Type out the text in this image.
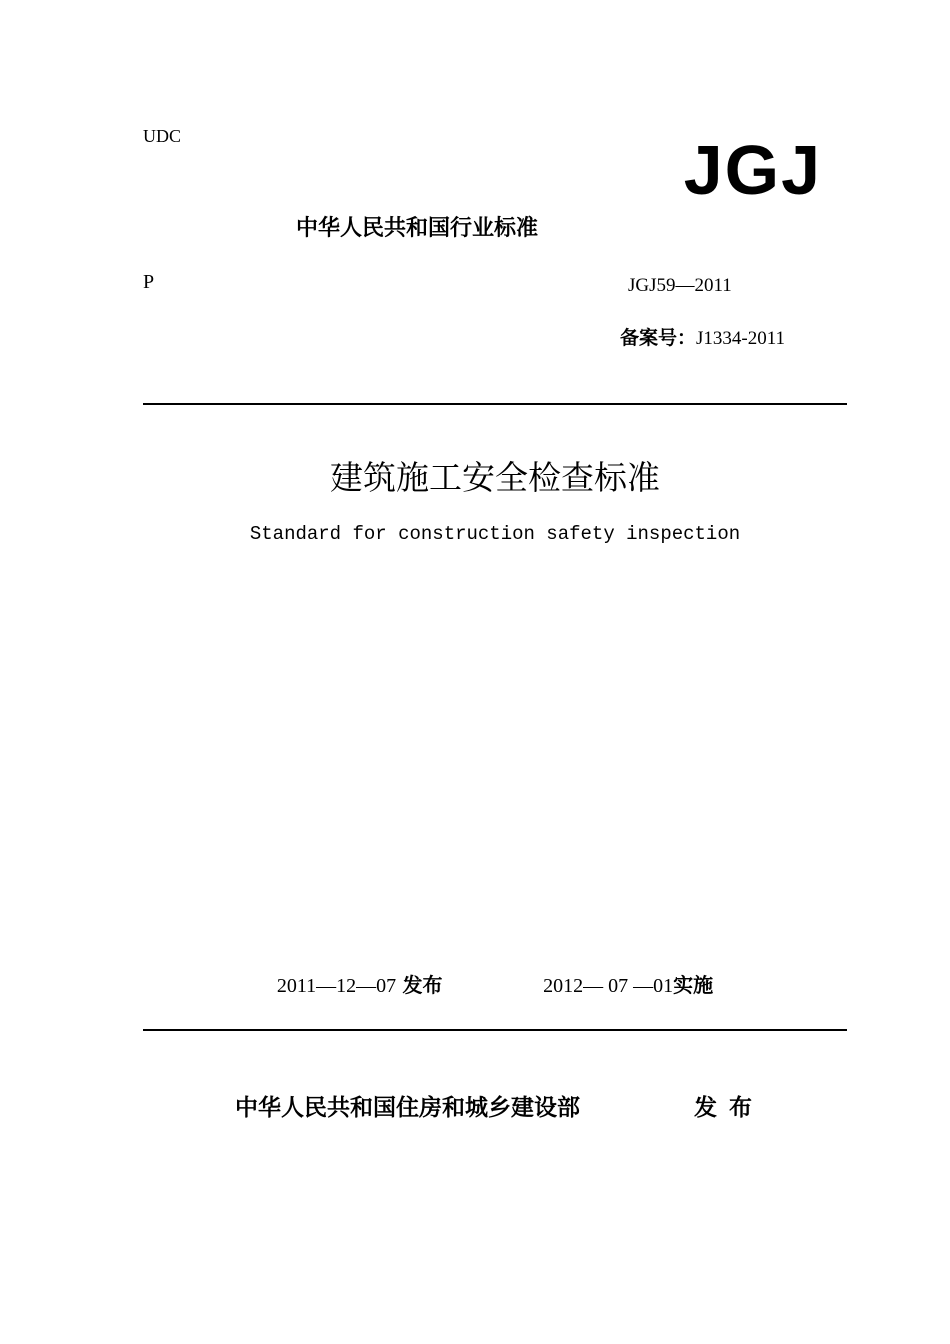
UDC	JGJ
中华人民共和国行业标准
P	JGJ59—2011
备案号：J1334-2011
建筑施工安全检查标准
Standard for construction safety inspection
2011—12—07 发布	2012— 07 —01实施
中华人民共和国住房和城乡建设部	发布
